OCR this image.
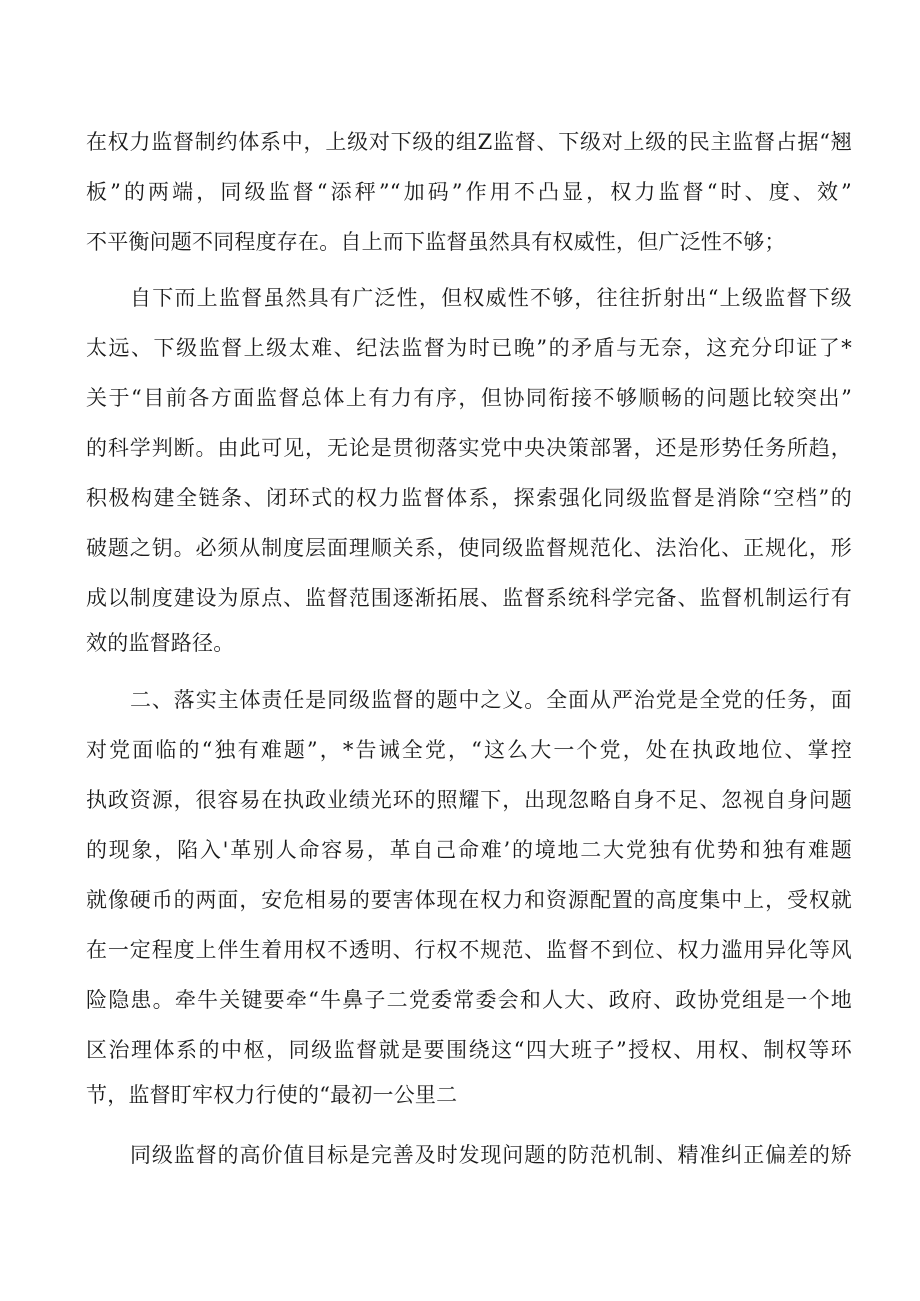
在权力监督制约体系中，上级对下级的组Z监督、下级对上级的民主监督占据“翘
板”的两端，同级监督“添秤”“加码”作用不凸显，权力监督“时、度、效”
不平衡问题不同程度存在。自上而下监督虽然具有权威性，但广泛性不够；
自下而上监督虽然具有广泛性，但权威性不够，往往折射出“上级监督下级
太远、下级监督上级太难、纪法监督为时已晚”的矛盾与无奈，这充分印证了*
关于“目前各方面监督总体上有力有序，但协同衔接不够顺畅的问题比较突出”
的科学判断。由此可见，无论是贯彻落实党中央决策部署，还是形势任务所趋，
积极构建全链条、闭环式的权力监督体系，探索强化同级监督是消除“空档”的
破题之钥。必须从制度层面理顺关系，使同级监督规范化、法治化、正规化，形
成以制度建设为原点、监督范围逐渐拓展、监督系统科学完备、监督机制运行有
效的监督路径。
二、落实主体责任是同级监督的题中之义。全面从严治党是全党的任务，面
对党面临的“独有难题”，*告诫全党，“这么大一个党，处在执政地位、掌控
执政资源，很容易在执政业绩光环的照耀下，出现忽略自身不足、忽视自身问题
的现象，陷入'革别人命容易，革自己命难’的境地二大党独有优势和独有难题
就像硬币的两面，安危相易的要害体现在权力和资源配置的高度集中上，受权就
在一定程度上伴生着用权不透明、行权不规范、监督不到位、权力滥用异化等风
险隐患。牵牛关键要牵“牛鼻子二党委常委会和人大、政府、政协党组是一个地
区治理体系的中枢，同级监督就是要围绕这“四大班子”授权、用权、制权等环
节，监督盯牢权力行使的“最初一公里二
同级监督的高价值目标是完善及时发现问题的防范机制、精准纠正偏差的矫
